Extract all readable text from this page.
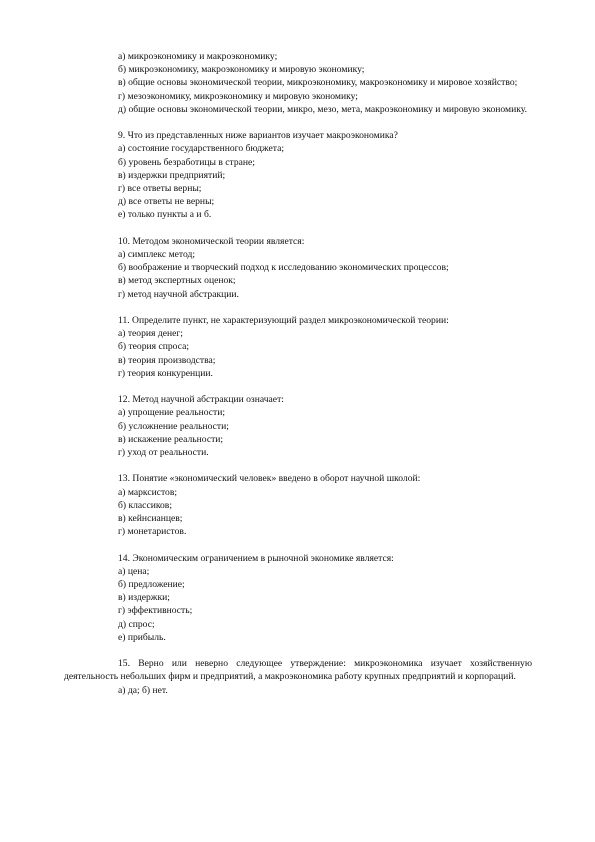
а) микроэкономику и макроэкономику;
б) микроэкономику, макроэкономику и мировую экономику;
в) общие основы экономической теории, микроэкономику, макроэкономику и мировое хозяйство;
г) мезоэкономику, микроэкономику и мировую экономику;
д) общие основы экономической теории, микро, мезо, мета, макроэкономику и мировую экономику.
9. Что из представленных ниже вариантов изучает макроэкономика?
а) состояние государственного бюджета;
б) уровень безработицы в стране;
в) издержки предприятий;
г) все ответы верны;
д) все ответы не верны;
е) только пункты а и б.
10. Методом экономической теории является:
а) симплекс метод;
б) воображение и творческий подход к исследованию экономических процессов;
в) метод экспертных оценок;
г) метод научной абстракции.
11. Определите пункт, не характеризующий раздел микроэкономической теории:
а) теория денег;
б) теория спроса;
в) теория производства;
г) теория конкуренции.
12. Метод научной абстракции означает:
а) упрощение реальности;
б) усложнение реальности;
в) искажение реальности;
г) уход от реальности.
13. Понятие «экономический человек» введено в оборот научной школой:
а) марксистов;
б) классиков;
в) кейнсианцев;
г) монетаристов.
14. Экономическим ограничением в рыночной экономике является:
а) цена;
б) предложение;
в) издержки;
г) эффективность;
д) спрос;
е) прибыль.
15. Верно или неверно следующее утверждение: микроэкономика изучает хозяйственную деятельность небольших фирм и предприятий, а макроэкономика работу крупных предприятий и корпораций.
а) да; б) нет.
